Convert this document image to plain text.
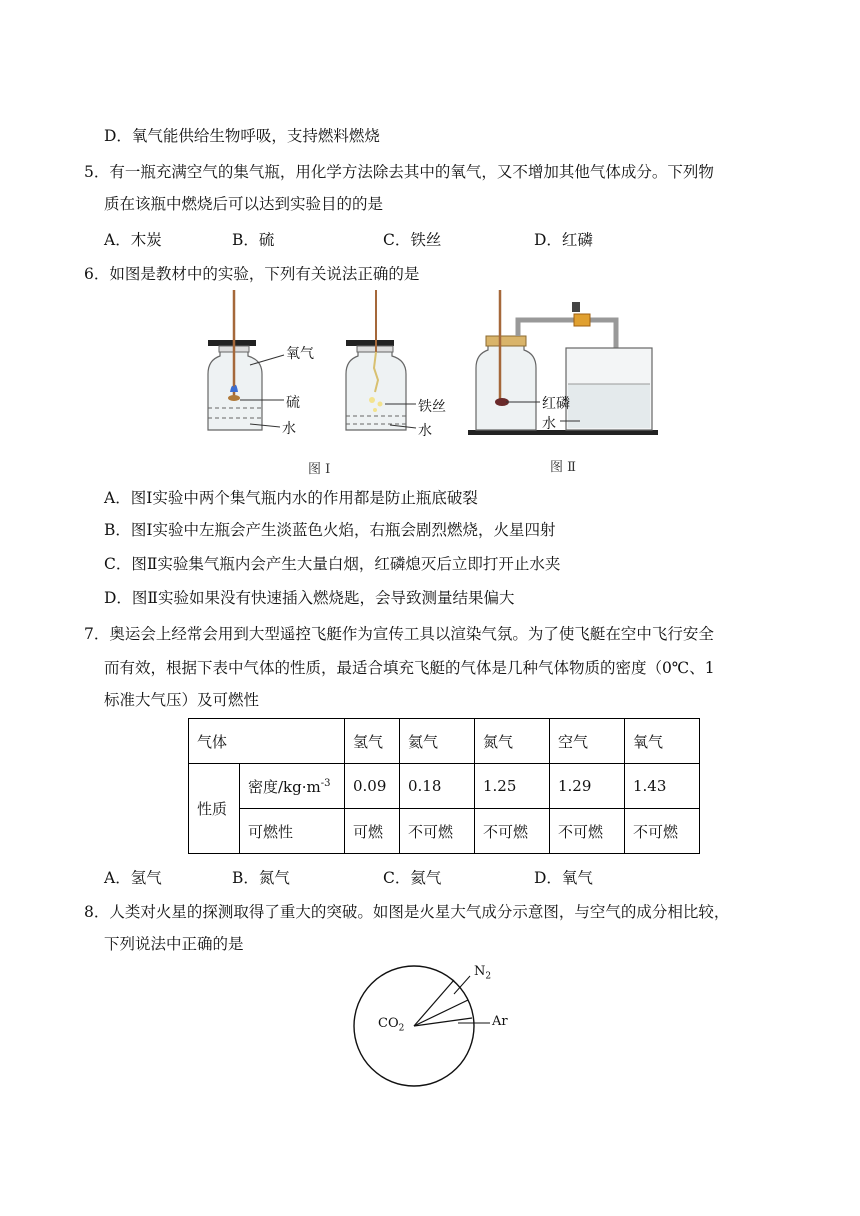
D．氧气能供给生物呼吸，支持燃料燃烧
5．有一瓶充满空气的集气瓶，用化学方法除去其中的氧气，又不增加其他气体成分。下列物
质在该瓶中燃烧后可以达到实验目的的是
A．木炭	B．硫	C．铁丝	D．红磷
6．如图是教材中的实验，下列有关说法正确的是
氧气
硫
水
铁丝
水
红磷
水
图 I	图 Ⅱ
A．图Ⅰ实验中两个集气瓶内水的作用都是防止瓶底破裂
B．图Ⅰ实验中左瓶会产生淡蓝色火焰，右瓶会剧烈燃烧，火星四射
C．图Ⅱ实验集气瓶内会产生大量白烟，红磷熄灭后立即打开止水夹
D．图Ⅱ实验如果没有快速插入燃烧匙，会导致测量结果偏大
7．奥运会上经常会用到大型遥控飞艇作为宣传工具以渲染气氛。为了使飞艇在空中飞行安全
而有效，根据下表中气体的性质，最适合填充飞艇的气体是几种气体物质的密度（0℃、1
标准大气压）及可燃性
气体		氢气	氦气	氮气	空气	氧气
性质	密度$/kg\cdot m^{-3}$	0.09	0.18	1.25	1.29	1.43
	可燃性	可燃	不可燃	不可燃	不可燃	不可燃
A．氢气	B．氮气	C．氦气	D．氧气
8．人类对火星的探测取得了重大的突破。如图是火星大气成分示意图，与空气的成分相比较，
下列说法中正确的是
$CO_2$
$N_2$
Ar
